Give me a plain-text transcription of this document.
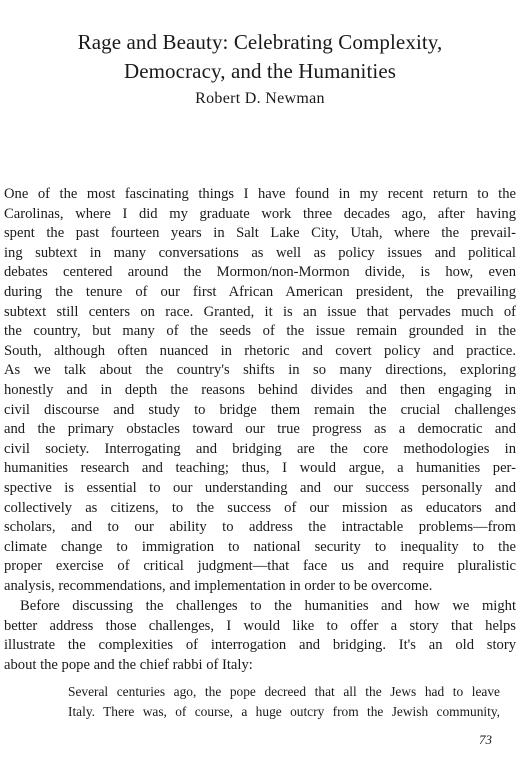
Rage and Beauty: Celebrating Complexity,
Democracy, and the Humanities
Robert D. Newman
One of the most fascinating things I have found in my recent return to the
Carolinas, where I did my graduate work three decades ago, after having
spent the past fourteen years in Salt Lake City, Utah, where the prevail-
ing subtext in many conversations as well as policy issues and political
debates centered around the Mormon/non-Mormon divide, is how, even
during the tenure of our first African American president, the prevailing
subtext still centers on race. Granted, it is an issue that pervades much of
the country, but many of the seeds of the issue remain grounded in the
South, although often nuanced in rhetoric and covert policy and practice.
As we talk about the country's shifts in so many directions, exploring
honestly and in depth the reasons behind divides and then engaging in
civil discourse and study to bridge them remain the crucial challenges
and the primary obstacles toward our true progress as a democratic and
civil society. Interrogating and bridging are the core methodologies in
humanities research and teaching; thus, I would argue, a humanities per-
spective is essential to our understanding and our success personally and
collectively as citizens, to the success of our mission as educators and
scholars, and to our ability to address the intractable problems—from
climate change to immigration to national security to inequality to the
proper exercise of critical judgment—that face us and require pluralistic
analysis, recommendations, and implementation in order to be overcome.
Before discussing the challenges to the humanities and how we might
better address those challenges, I would like to offer a story that helps
illustrate the complexities of interrogation and bridging. It's an old story
about the pope and the chief rabbi of Italy:
Several centuries ago, the pope decreed that all the Jews had to leave
Italy. There was, of course, a huge outcry from the Jewish community,
73
